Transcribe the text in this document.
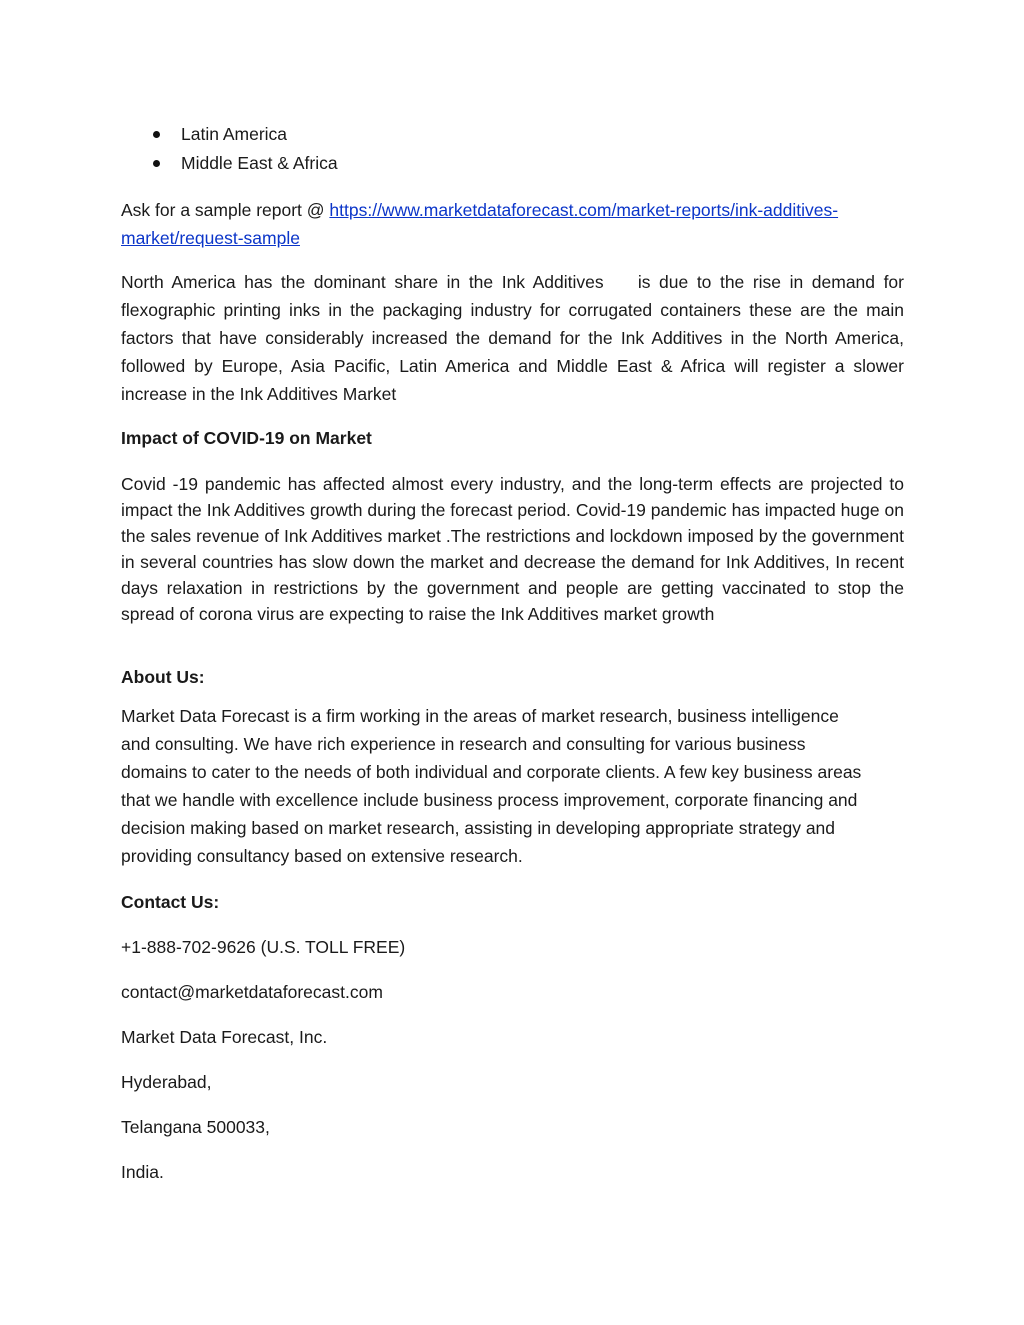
Latin America
Middle East & Africa
Ask for a sample report @ https://www.marketdataforecast.com/market-reports/ink-additives-
market/request-sample
North America has the dominant share in the Ink Additives    is due to the rise in demand for flexographic printing inks in the packaging industry for corrugated containers these are the main factors that have considerably increased the demand for the Ink Additives in the North America, followed by Europe, Asia Pacific, Latin America and Middle East & Africa will register a slower increase in the Ink Additives Market
Impact of COVID-19 on Market
Covid -19 pandemic has affected almost every industry, and the long-term effects are projected to impact the Ink Additives growth during the forecast period. Covid-19 pandemic has impacted huge on the sales revenue of Ink Additives market .The restrictions and lockdown imposed by the government in several countries has slow down the market and decrease the demand for Ink Additives, In recent days relaxation in restrictions by the government and people are getting vaccinated to stop the spread of corona virus are expecting to raise the Ink Additives market growth
About Us:
Market Data Forecast is a firm working in the areas of market research, business intelligence
and consulting. We have rich experience in research and consulting for various business
domains to cater to the needs of both individual and corporate clients. A few key business areas
that we handle with excellence include business process improvement, corporate financing and
decision making based on market research, assisting in developing appropriate strategy and
providing consultancy based on extensive research.
Contact Us:
+1-888-702-9626 (U.S. TOLL FREE)
contact@marketdataforecast.com
Market Data Forecast, Inc.
Hyderabad,
Telangana 500033,
India.
